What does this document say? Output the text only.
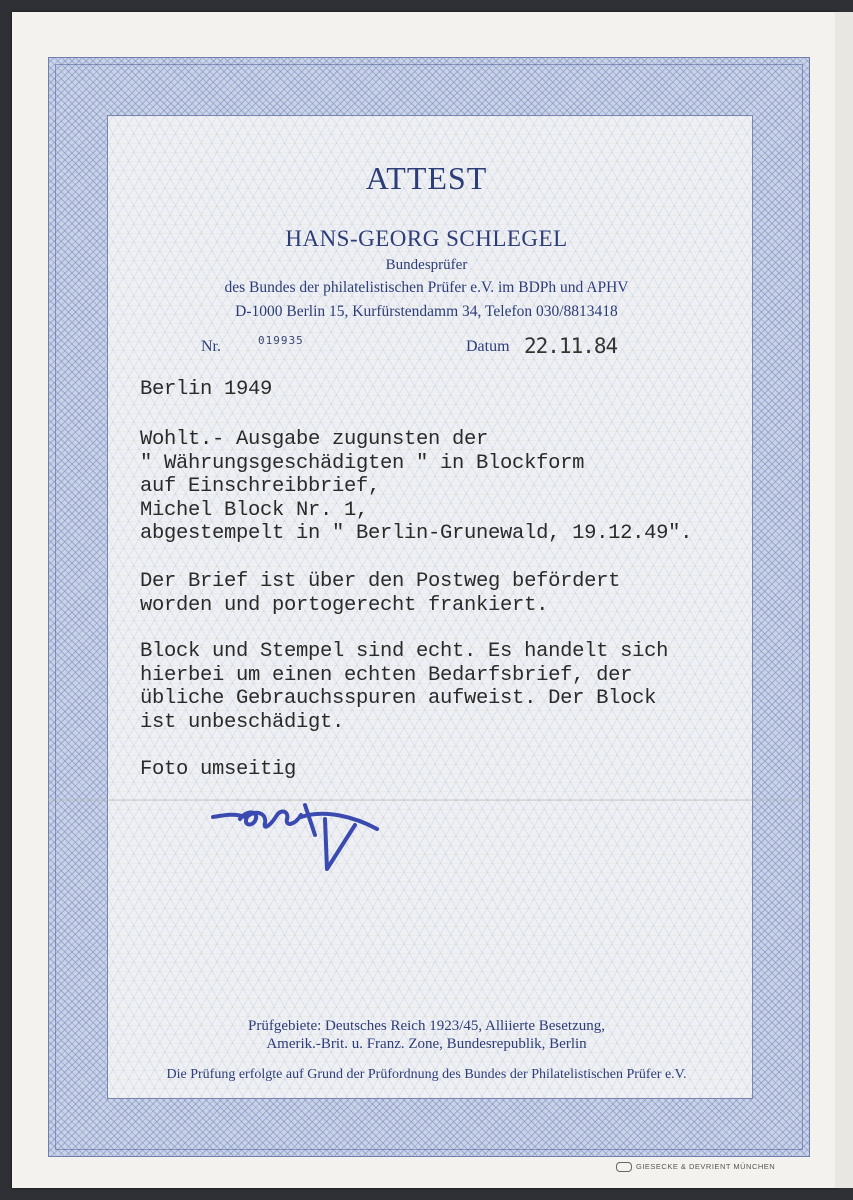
ATTEST
HANS-GEORG SCHLEGEL
Bundesprüfer
des Bundes der philatelistischen Prüfer e.V. im BDPh und APHV
D-1000 Berlin 15, Kurfürstendamm 34, Telefon 030/8813418
Nr.	019935	Datum 22.11.84
Berlin 1949
Wohlt.- Ausgabe zugunsten der
" Währungsgeschädigten " in Blockform
auf Einschreibbrief,
Michel Block Nr. 1,
abgestempelt in " Berlin-Grunewald, 19.12.49".
Der Brief ist über den Postweg befördert
worden und portogerecht frankiert.
Block und Stempel sind echt. Es handelt sich
hierbei um einen echten Bedarfsbrief, der
übliche Gebrauchsspuren aufweist. Der Block
ist unbeschädigt.
Foto umseitig
Prüfgebiete: Deutsches Reich 1923/45, Alliierte Besetzung,
Amerik.-Brit. u. Franz. Zone, Bundesrepublik, Berlin
Die Prüfung erfolgte auf Grund der Prüfordnung des Bundes der Philatelistischen Prüfer e.V.
GIESECKE & DEVRIENT MÜNCHEN
